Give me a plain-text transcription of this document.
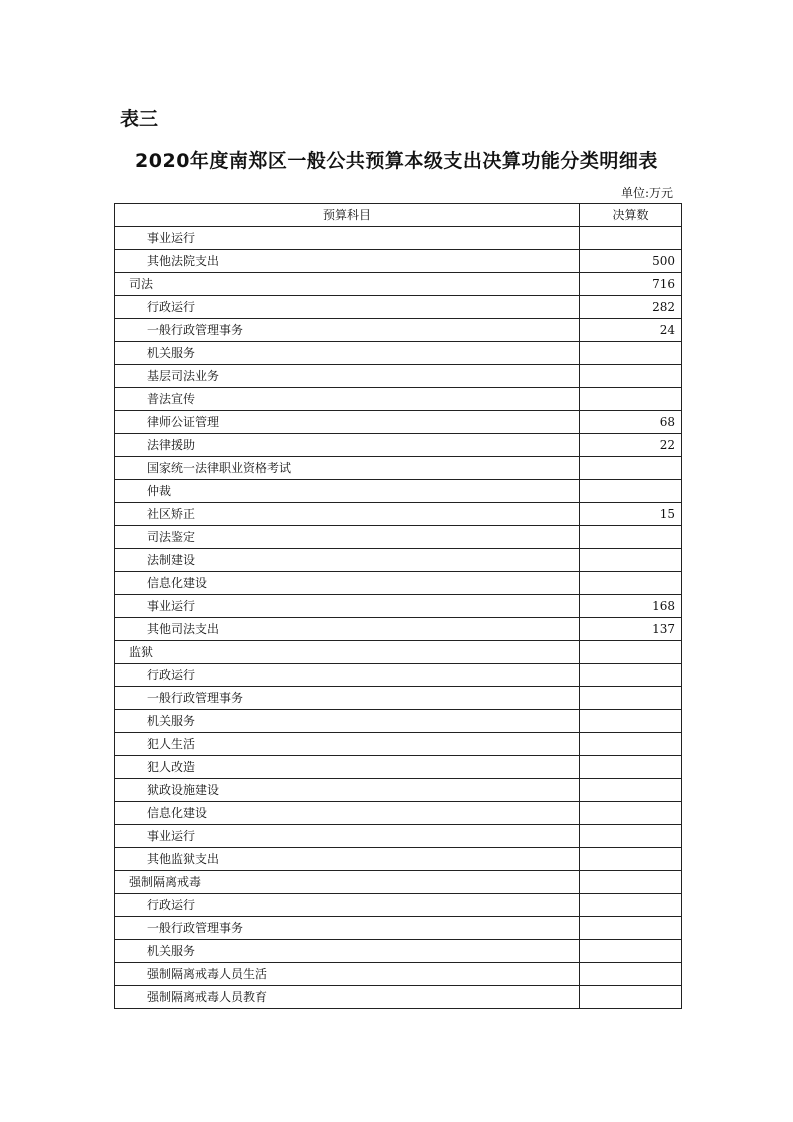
表三
2020年度南郑区一般公共预算本级支出决算功能分类明细表
单位:万元
预算科目	决算数
事业运行	
其他法院支出	500
司法	716
行政运行	282
一般行政管理事务	24
机关服务	
基层司法业务	
普法宣传	
律师公证管理	68
法律援助	22
国家统一法律职业资格考试	
仲裁	
社区矫正	15
司法鉴定	
法制建设	
信息化建设	
事业运行	168
其他司法支出	137
监狱	
行政运行	
一般行政管理事务	
机关服务	
犯人生活	
犯人改造	
狱政设施建设	
信息化建设	
事业运行	
其他监狱支出	
强制隔离戒毒	
行政运行	
一般行政管理事务	
机关服务	
强制隔离戒毒人员生活	
强制隔离戒毒人员教育	
